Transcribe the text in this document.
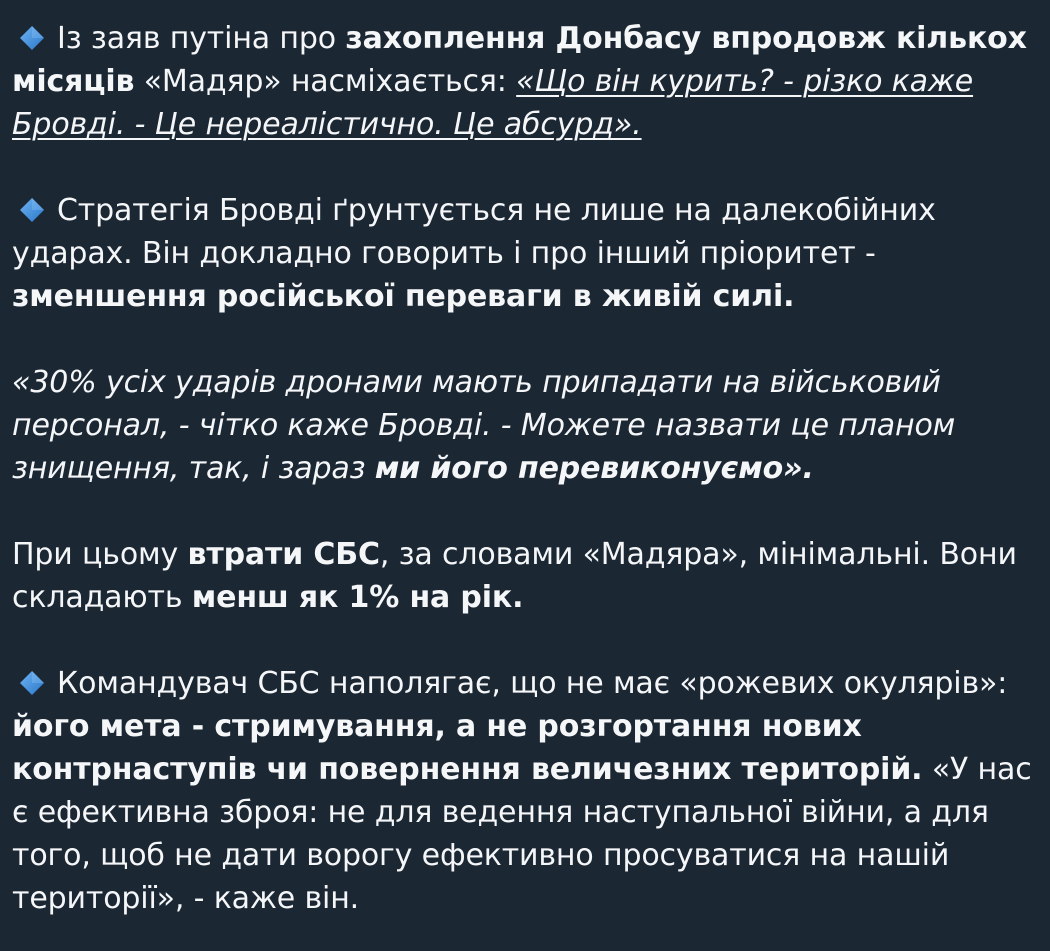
Із заяв путіна про захоплення Донбасу впродовж кількох місяців «Мадяр» насміхається: «Що він курить? - різко каже Бровді. - Це нереалістично. Це абсурд».

Стратегія Бровді ґрунтується не лише на далекобійних ударах. Він докладно говорить і про інший пріоритет - зменшення російської переваги в живій силі.

«30% усіх ударів дронами мають припадати на військовий персонал, - чітко каже Бровді. - Можете назвати це планом знищення, так, і зараз ми його перевиконуємо».

При цьому втрати СБС, за словами «Мадяра», мінімальні. Вони складають менш як 1% на рік.

Командувач СБС наполягає, що не має «рожевих окулярів»: його мета - стримування, а не розгортання нових контрнаступів чи повернення величезних територій. «У нас є ефективна зброя: не для ведення наступальної війни, а для того, щоб не дати ворогу ефективно просуватися на нашій території», - каже він.
